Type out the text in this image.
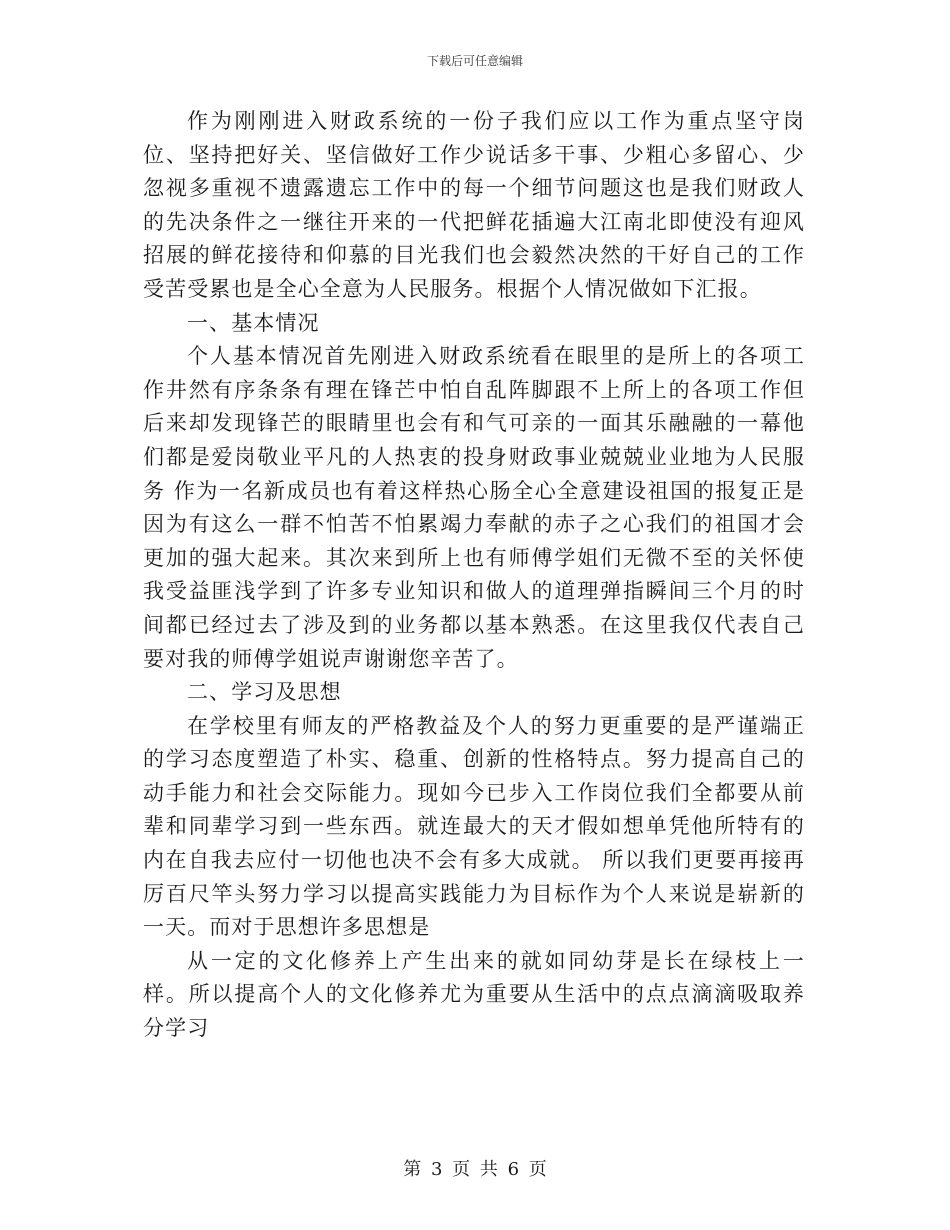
下载后可任意编辑

作为刚刚进入财政系统的一份子我们应以工作为重点坚守岗位、坚持把好关、坚信做好工作少说话多干事、少粗心多留心、少忽视多重视不遗露遗忘工作中的每一个细节问题这也是我们财政人的先决条件之一继往开来的一代把鲜花插遍大江南北即使没有迎风招展的鲜花接待和仰慕的目光我们也会毅然决然的干好自己的工作受苦受累也是全心全意为人民服务。根据个人情况做如下汇报。

一、基本情况

个人基本情况首先刚进入财政系统看在眼里的是所上的各项工作井然有序条条有理在锋芒中怕自乱阵脚跟不上所上的各项工作但后来却发现锋芒的眼睛里也会有和气可亲的一面其乐融融的一幕他们都是爱岗敬业平凡的人热衷的投身财政事业兢兢业业地为人民服务 作为一名新成员也有着这样热心肠全心全意建设祖国的报复正是因为有这么一群不怕苦不怕累竭力奉献的赤子之心我们的祖国才会更加的强大起来。其次来到所上也有师傅学姐们无微不至的关怀使我受益匪浅学到了许多专业知识和做人的道理弹指瞬间三个月的时间都已经过去了涉及到的业务都以基本熟悉。在这里我仅代表自己要对我的师傅学姐说声谢谢您辛苦了。

二、学习及思想

在学校里有师友的严格教益及个人的努力更重要的是严谨端正的学习态度塑造了朴实、稳重、创新的性格特点。努力提高自己的动手能力和社会交际能力。现如今已步入工作岗位我们全都要从前辈和同辈学习到一些东西。就连最大的天才假如想单凭他所特有的内在自我去应付一切他也决不会有多大成就。 所以我们更要再接再厉百尺竿头努力学习以提高实践能力为目标作为个人来说是崭新的一天。而对于思想许多思想是

从一定的文化修养上产生出来的就如同幼芽是长在绿枝上一样。所以提高个人的文化修养尤为重要从生活中的点点滴滴吸取养分学习

第 3 页 共 6 页
